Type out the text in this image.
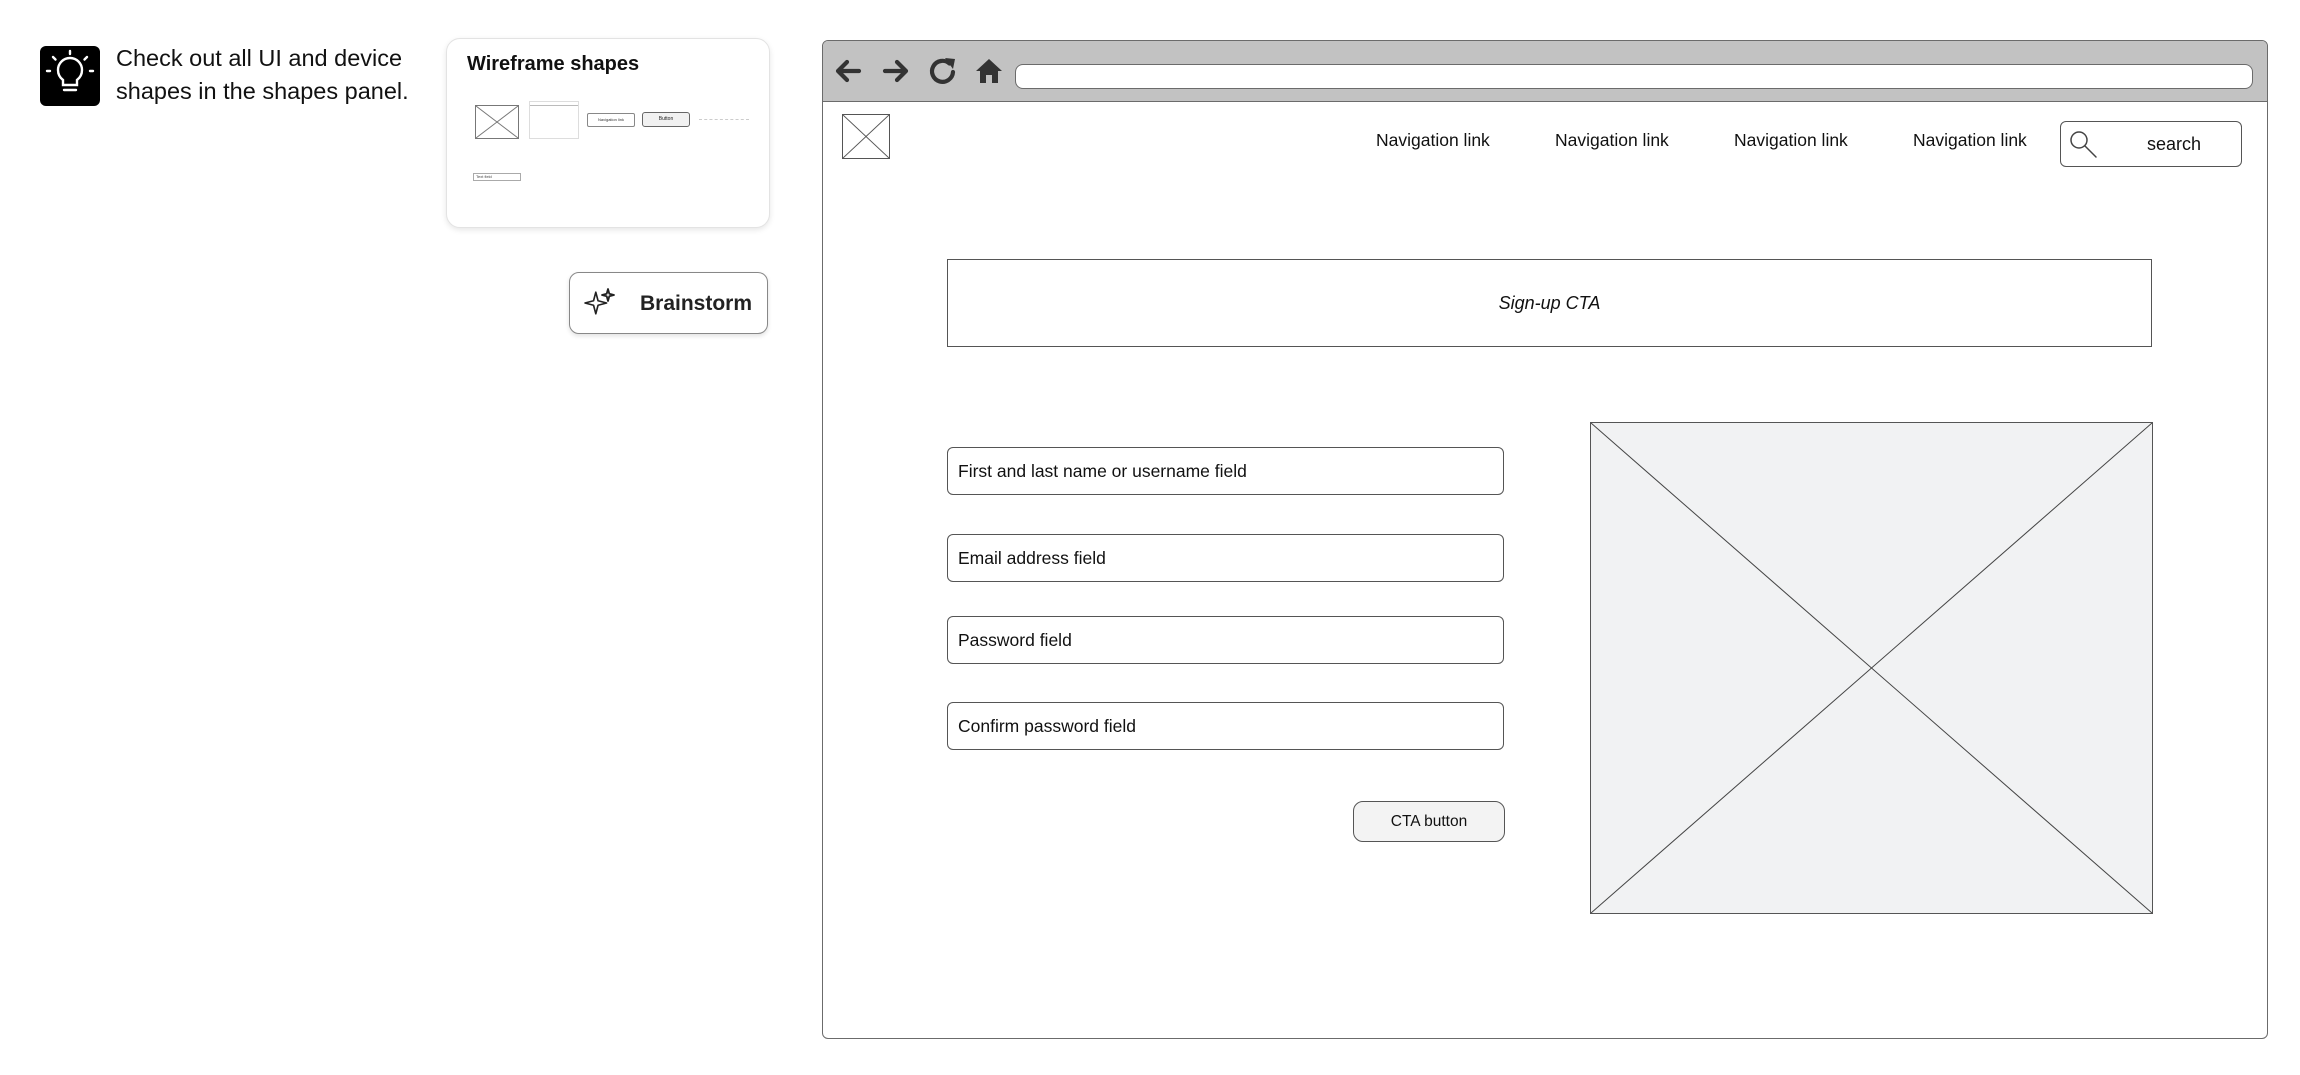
Check out all UI and device shapes in the shapes panel.
Wireframe shapes
Navigation link	Button
Text field
Brainstorm
Navigation link	Navigation link	Navigation link	Navigation link	search
Sign-up CTA
First and last name or username field
Email address field
Password field
Confirm password field
CTA button
